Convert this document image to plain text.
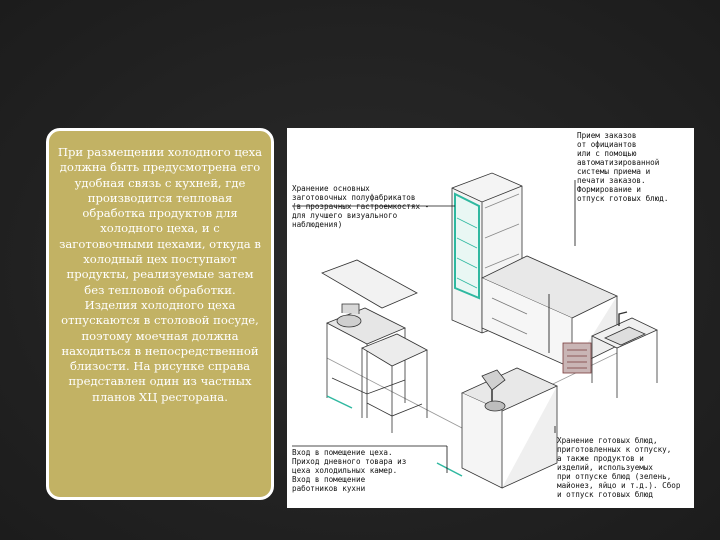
При размещении холодного цеха должна быть предусмотрена его удобная связь с кухней, где производится тепловая обработка продуктов для холодного цеха, и с заготовочными цехами, откуда в холодный цех поступают продукты, реализуемые затем без тепловой обработки. Изделия холодного цеха отпускаются в столовой посуде, поэтому моечная должна находиться в непосредственной близости. На рисунке справа представлен один из частных планов ХЦ ресторана.

Хранение основных
заготовочных полуфабрикатов
(в прозрачных гастроемкостях -
для лучшего визуального
наблюдения)
Прием заказов
от официантов
или с помощью
автоматизированной
системы приема и
печати заказов.
Формирование и
отпуск готовых блюд.
Вход в помещение цеха.
Приход дневного товара из
цеха холодильных камер.
Вход в помещение
работников кухни
Хранение готовых блюд,
приготовленных к отпуску,
а также продуктов и
изделий, используемых
при отпуске блюд (зелень,
майонез, яйцо и т.д.). Сбор
и отпуск готовых блюд
